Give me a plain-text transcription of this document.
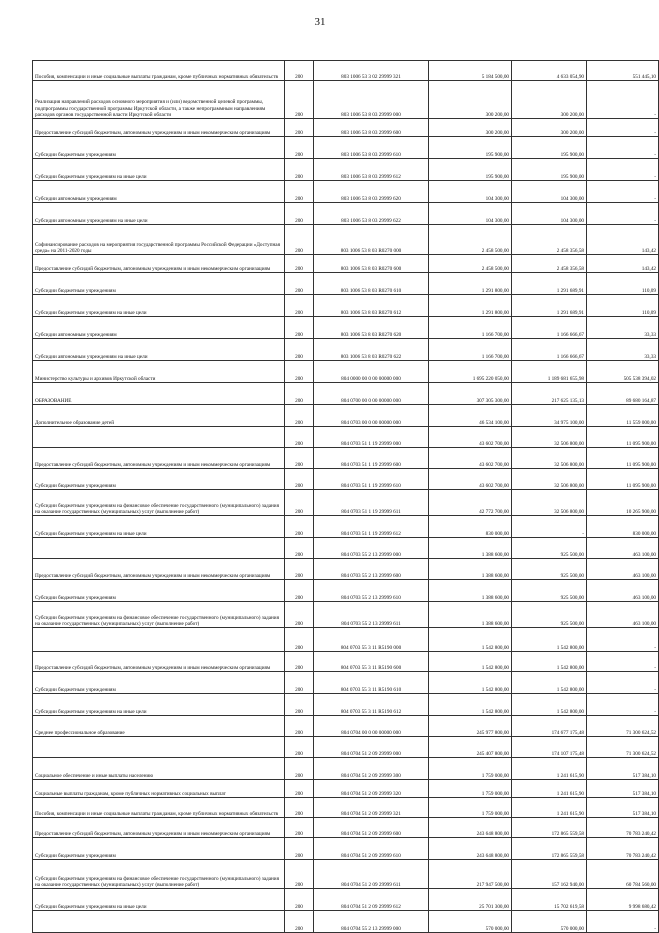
31
Пособия, компенсации и иные социальные выплаты гражданам, кроме публичных нормативных обязательств	200	803 1006 53 3 02 29999 321	5 184 500,00	4 633 054,90	551 445,10
Реализация направлений расходов основного мероприятия и (или) ведомственной целевой программы, подпрограммы государственной программы Иркутской области, а также непрограммным направлениям расходов органов государственной власти Иркутской области	200	803 1006 53 8 03 29999 000	300 200,00	300 200,00	-
Предоставление субсидий бюджетным, автономным учреждениям и иным некоммерческим организациям	200	803 1006 53 8 03 29999 600	300 200,00	300 200,00	-
Субсидии бюджетным учреждениям	200	803 1006 53 8 03 29999 610	195 900,00	195 900,00	-
Субсидии бюджетным учреждениям на иные цели	200	803 1006 53 8 03 29999 612	195 900,00	195 900,00	-
Субсидии автономным учреждениям	200	803 1006 53 8 03 29999 620	104 300,00	104 300,00	-
Субсидии автономным учреждениям на иные цели	200	803 1006 53 8 03 29999 622	104 300,00	104 300,00	-
Софинансирование расходов на мероприятия государственной программы Российской Федерации «Доступная среда» на 2011-2020 годы	200	803 1006 53 8 03 R0270 000	2 458 500,00	2 458 356,58	143,42
Предоставление субсидий бюджетным, автономным учреждениям и иным некоммерческим организациям	200	803 1006 53 8 03 R0270 600	2 458 500,00	2 458 356,58	143,42
Субсидии бюджетным учреждениям	200	803 1006 53 8 03 R0270 610	1 291 800,00	1 291 689,91	110,09
Субсидии бюджетным учреждениям на иные цели	200	803 1006 53 8 03 R0270 612	1 291 800,00	1 291 689,91	110,09
Субсидии автономным учреждениям	200	803 1006 53 8 03 R0270 620	1 166 700,00	1 166 666,67	33,33
Субсидии автономным учреждениям на иные цели	200	803 1006 53 8 03 R0270 622	1 166 700,00	1 166 666,67	33,33
Министерство культуры и архивов Иркутской области	200	804 0000 00 0 00 00000 000	1 695 220 050,00	1 189 681 655,98	505 538 394,02
ОБРАЗОВАНИЕ	200	804 0700 00 0 00 00000 000	307 305 300,00	217 625 135,13	89 680 164,87
Дополнительное образование детей	200	804 0703 00 0 00 00000 000	46 534 100,00	34 975 100,00	11 559 000,00
	200	804 0703 51 1 19 29999 000	43 602 700,00	32 506 800,00	11 095 900,00
Предоставление субсидий бюджетным, автономным учреждениям и иным некоммерческим организациям	200	804 0703 51 1 19 29999 600	43 602 700,00	32 506 800,00	11 095 900,00
Субсидии бюджетным учреждениям	200	804 0703 51 1 19 29999 610	43 602 700,00	32 506 800,00	11 095 900,00
Субсидии бюджетным учреждениям на финансовое обеспечение государственного (муниципального) задания на оказание государственных (муниципальных) услуг (выполнение работ)	200	804 0703 51 1 19 29999 611	42 772 700,00	32 506 800,00	10 265 900,00
Субсидии бюджетным учреждениям на иные цели	200	804 0703 51 1 19 29999 612	830 000,00	-	830 000,00
	200	804 0703 55 2 13 29999 000	1 388 600,00	925 500,00	463 100,00
Предоставление субсидий бюджетным, автономным учреждениям и иным некоммерческим организациям	200	804 0703 55 2 13 29999 600	1 388 600,00	925 500,00	463 100,00
Субсидии бюджетным учреждениям	200	804 0703 55 2 13 29999 610	1 388 600,00	925 500,00	463 100,00
Субсидии бюджетным учреждениям на финансовое обеспечение государственного (муниципального) задания на оказание государственных (муниципальных) услуг (выполнение работ)	200	804 0703 55 2 13 29999 611	1 388 600,00	925 500,00	463 100,00
	200	804 0703 55 3 11 R5190 000	1 542 800,00	1 542 800,00	-
Предоставление субсидий бюджетным, автономным учреждениям и иным некоммерческим организациям	200	804 0703 55 3 11 R5190 600	1 542 800,00	1 542 800,00	-
Субсидии бюджетным учреждениям	200	804 0703 55 3 11 R5190 610	1 542 800,00	1 542 800,00	-
Субсидии бюджетным учреждениям на иные цели	200	804 0703 55 3 11 R5190 612	1 542 800,00	1 542 800,00	-
Среднее профессиональное образование	200	804 0704 00 0 00 00000 000	245 977 800,00	174 677 175,48	71 300 624,52
	200	804 0704 51 2 09 29999 000	245 407 800,00	174 107 175,48	71 300 624,52
Социальное обеспечение и иные выплаты населению	200	804 0704 51 2 09 29999 300	1 759 000,00	1 241 615,90	517 384,10
Социальные выплаты гражданам, кроме публичных нормативных социальных выплат	200	804 0704 51 2 09 29999 320	1 759 000,00	1 241 615,90	517 384,10
Пособия, компенсации и иные социальные выплаты гражданам, кроме публичных нормативных обязательств	200	804 0704 51 2 09 29999 321	1 759 000,00	1 241 615,90	517 384,10
Предоставление субсидий бюджетным, автономным учреждениям и иным некоммерческим организациям	200	804 0704 51 2 09 29999 600	243 648 800,00	172 865 559,58	70 783 240,42
Субсидии бюджетным учреждениям	200	804 0704 51 2 09 29999 610	243 648 800,00	172 865 559,58	70 783 240,42
Субсидии бюджетным учреждениям на финансовое обеспечение государственного (муниципального) задания на оказание государственных (муниципальных) услуг (выполнение работ)	200	804 0704 51 2 09 29999 611	217 947 500,00	157 162 940,00	60 784 560,00
Субсидии бюджетным учреждениям на иные цели	200	804 0704 51 2 09 29999 612	25 701 300,00	15 702 619,58	9 998 680,42
	200	804 0704 55 2 13 29999 000	570 000,00	570 000,00	-
